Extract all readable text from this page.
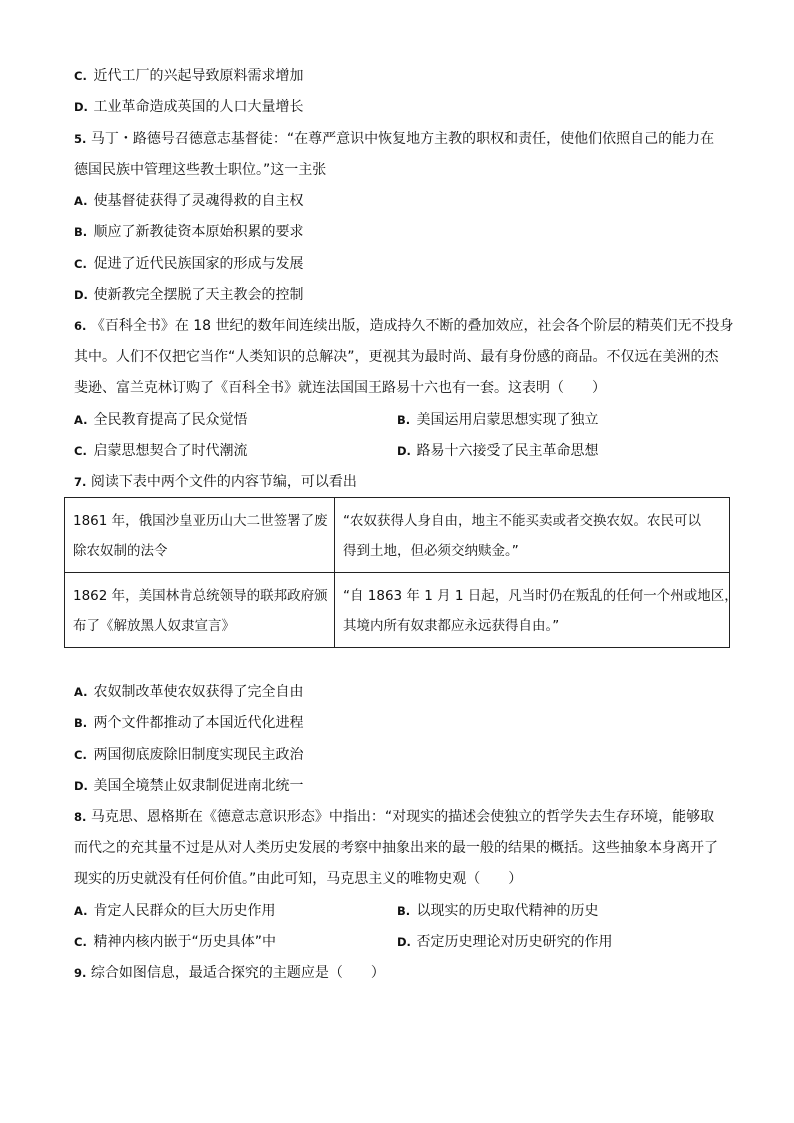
C. 近代工厂的兴起导致原料需求增加
D. 工业革命造成英国的人口大量增长
5. 马丁・路德号召德意志基督徒：“在尊严意识中恢复地方主教的职权和责任，使他们依照自己的能力在
德国民族中管理这些教士职位。”这一主张
A. 使基督徒获得了灵魂得救的自主权
B. 顺应了新教徒资本原始积累的要求
C. 促进了近代民族国家的形成与发展
D. 使新教完全摆脱了天主教会的控制
6. 《百科全书》在 18 世纪的数年间连续出版，造成持久不断的叠加效应，社会各个阶层的精英们无不投身
其中。人们不仅把它当作“人类知识的总解决”，更视其为最时尚、最有身份感的商品。不仅远在美洲的杰
斐逊、富兰克林订购了《百科全书》就连法国国王路易十六也有一套。这表明（　　）
A. 全民教育提高了民众觉悟	B. 美国运用启蒙思想实现了独立
C. 启蒙思想契合了时代潮流	D. 路易十六接受了民主革命思想
7. 阅读下表中两个文件的内容节编，可以看出
1861 年，俄国沙皇亚历山大二世签署了废
除农奴制的法令	“农奴获得人身自由，地主不能买卖或者交换农奴。农民可以
得到土地，但必须交纳赎金。”

1862 年，美国林肯总统领导的联邦政府颁
布了《解放黑人奴隶宣言》	“自 1863 年 1 月 1 日起，凡当时仍在叛乱的任何一个州或地区，
其境内所有奴隶都应永远获得自由。”
A. 农奴制改革使农奴获得了完全自由
B. 两个文件都推动了本国近代化进程
C. 两国彻底废除旧制度实现民主政治
D. 美国全境禁止奴隶制促进南北统一
8. 马克思、恩格斯在《德意志意识形态》中指出：“对现实的描述会使独立的哲学失去生存环境，能够取
而代之的充其量不过是从对人类历史发展的考察中抽象出来的最一般的结果的概括。这些抽象本身离开了
现实的历史就没有任何价值。”由此可知，马克思主义的唯物史观（　　）
A. 肯定人民群众的巨大历史作用	B. 以现实的历史取代精神的历史
C. 精神内核内嵌于“历史具体”中	D. 否定历史理论对历史研究的作用
9. 综合如图信息，最适合探究的主题应是（　　）
